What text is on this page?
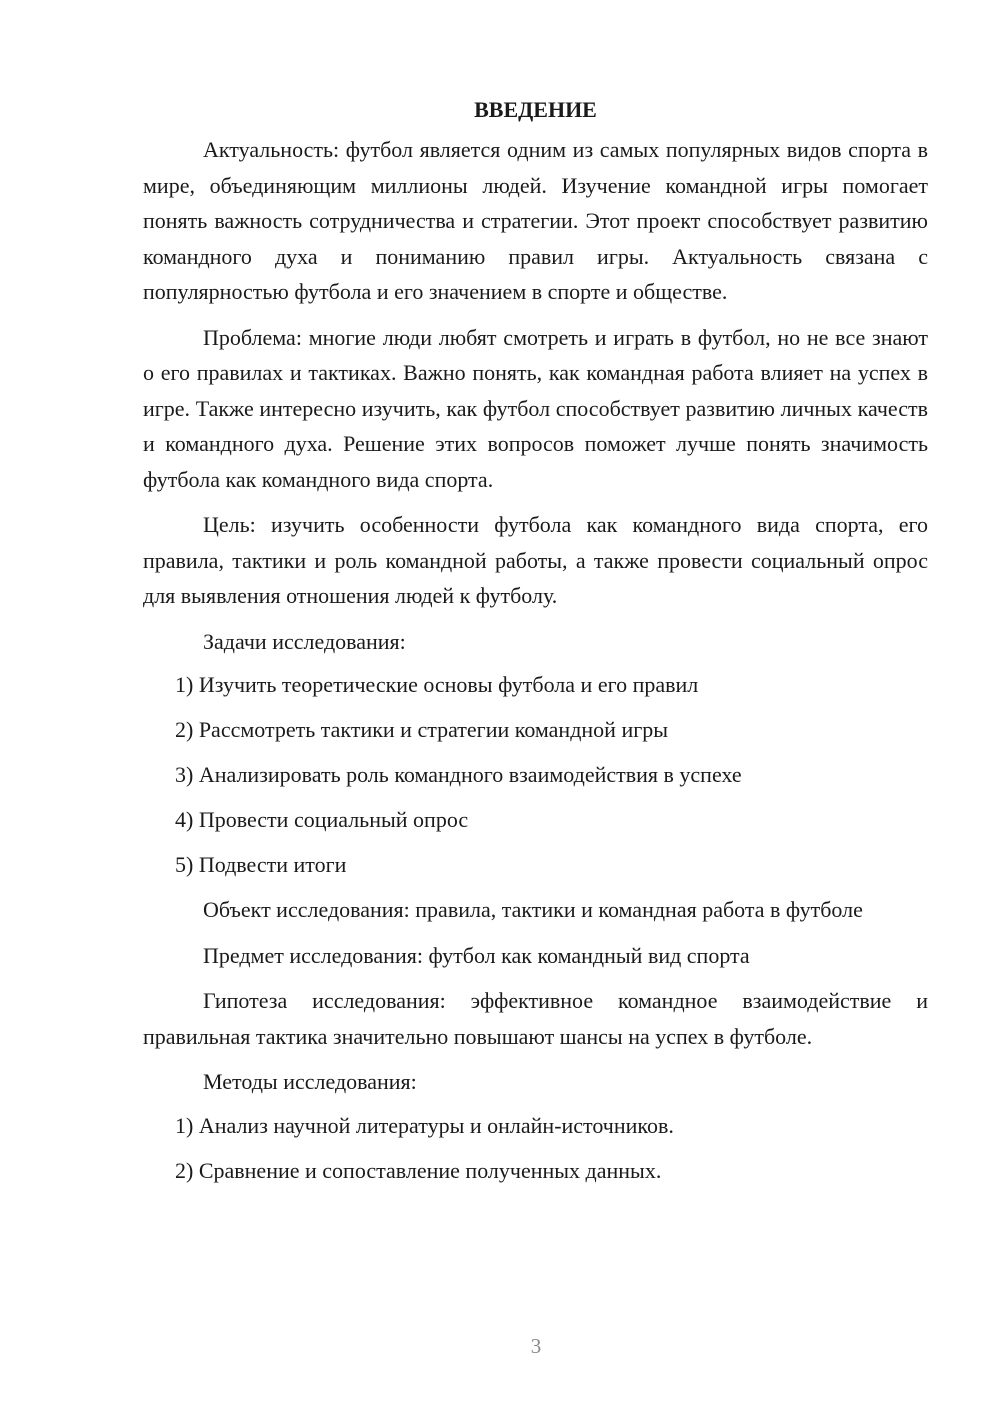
ВВЕДЕНИЕ

Актуальность: футбол является одним из самых популярных видов спорта в мире, объединяющим миллионы людей. Изучение командной игры помогает понять важность сотрудничества и стратегии. Этот проект способствует развитию командного духа и пониманию правил игры. Актуальность связана с популярностью футбола и его значением в спорте и обществе.

Проблема: многие люди любят смотреть и играть в футбол, но не все знают о его правилах и тактиках. Важно понять, как командная работа влияет на успех в игре. Также интересно изучить, как футбол способствует развитию личных качеств и командного духа. Решение этих вопросов поможет лучше понять значимость футбола как командного вида спорта.

Цель: изучить особенности футбола как командного вида спорта, его правила, тактики и роль командной работы, а также провести социальный опрос для выявления отношения людей к футболу.

Задачи исследования:

1) Изучить теоретические основы футбола и его правил
2) Рассмотреть тактики и стратегии командной игры
3) Анализировать роль командного взаимодействия в успехе
4) Провести социальный опрос
5) Подвести итоги

Объект исследования: правила, тактики и командная работа в футболе

Предмет исследования: футбол как командный вид спорта

Гипотеза исследования: эффективное командное взаимодействие и правильная тактика значительно повышают шансы на успех в футболе.

Методы исследования:

1) Анализ научной литературы и онлайн-источников.
2) Сравнение и сопоставление полученных данных.
3
